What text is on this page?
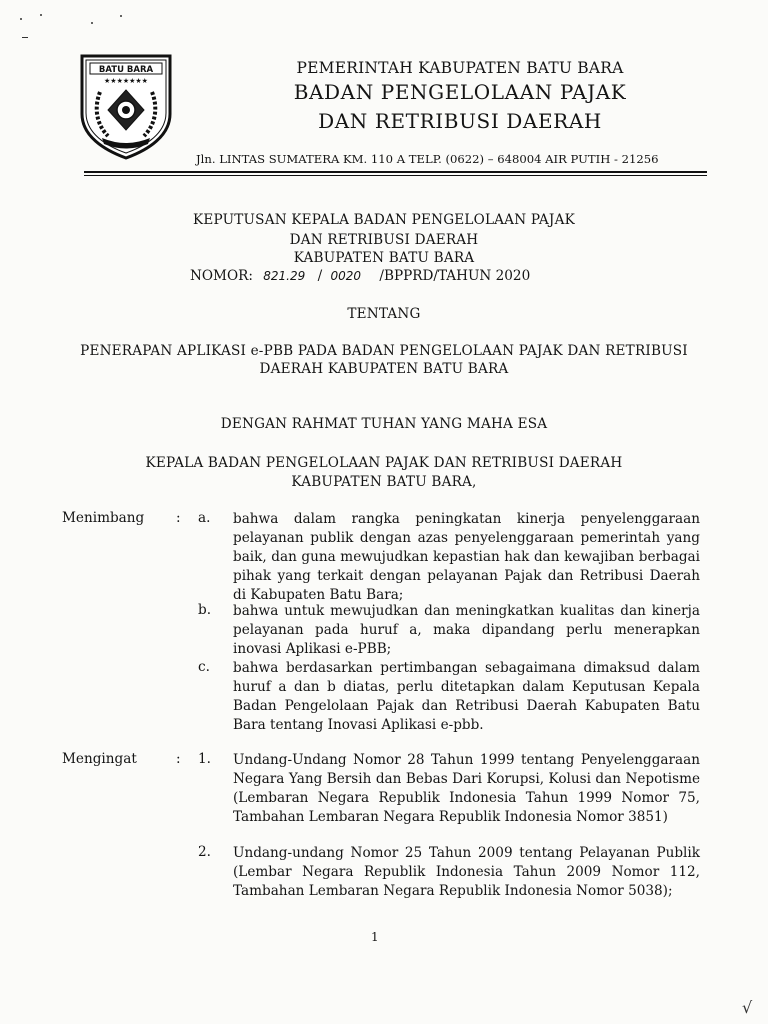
BATU BARA
★★★★★★★
PEMERINTAH KABUPATEN BATU BARA
BADAN PENGELOLAAN PAJAK
DAN RETRIBUSI DAERAH
Jln. LINTAS SUMATERA KM. 110 A TELP. (0622) – 648004 AIR PUTIH - 21256
KEPUTUSAN KEPALA BADAN PENGELOLAAN PAJAK
DAN RETRIBUSI DAERAH
KABUPATEN BATU BARA
NOMOR: 821.29 / 0020 /BPPRD/TAHUN 2020
TENTANG
PENERAPAN APLIKASI e-PBB PADA BADAN PENGELOLAAN PAJAK DAN RETRIBUSI
DAERAH KABUPATEN BATU BARA
DENGAN RAHMAT TUHAN YANG MAHA ESA
KEPALA BADAN PENGELOLAAN PAJAK DAN RETRIBUSI DAERAH
KABUPATEN BATU BARA,
Menimbang : a. bahwa dalam rangka peningkatan kinerja penyelenggaraan pelayanan publik dengan azas penyelenggaraan pemerintah yang baik, dan guna mewujudkan kepastian hak dan kewajiban berbagai pihak yang terkait dengan pelayanan Pajak dan Retribusi Daerah di Kabupaten Batu Bara;
b. bahwa untuk mewujudkan dan meningkatkan kualitas dan kinerja pelayanan pada huruf a, maka dipandang perlu menerapkan inovasi Aplikasi e-PBB;
c. bahwa berdasarkan pertimbangan sebagaimana dimaksud dalam huruf a dan b diatas, perlu ditetapkan dalam Keputusan Kepala Badan Pengelolaan Pajak dan Retribusi Daerah Kabupaten Batu Bara tentang Inovasi Aplikasi e-pbb.
Mengingat	: 1. Undang-Undang Nomor 28 Tahun 1999 tentang Penyelenggaraan Negara Yang Bersih dan Bebas Dari Korupsi, Kolusi dan Nepotisme (Lembaran Negara Republik Indonesia Tahun 1999 Nomor 75, Tambahan Lembaran Negara Republik Indonesia Nomor 3851)
2. Undang-undang Nomor 25 Tahun 2009 tentang Pelayanan Publik (Lembar Negara Republik Indonesia Tahun 2009 Nomor 112, Tambahan Lembaran Negara Republik Indonesia Nomor 5038);
1
√
